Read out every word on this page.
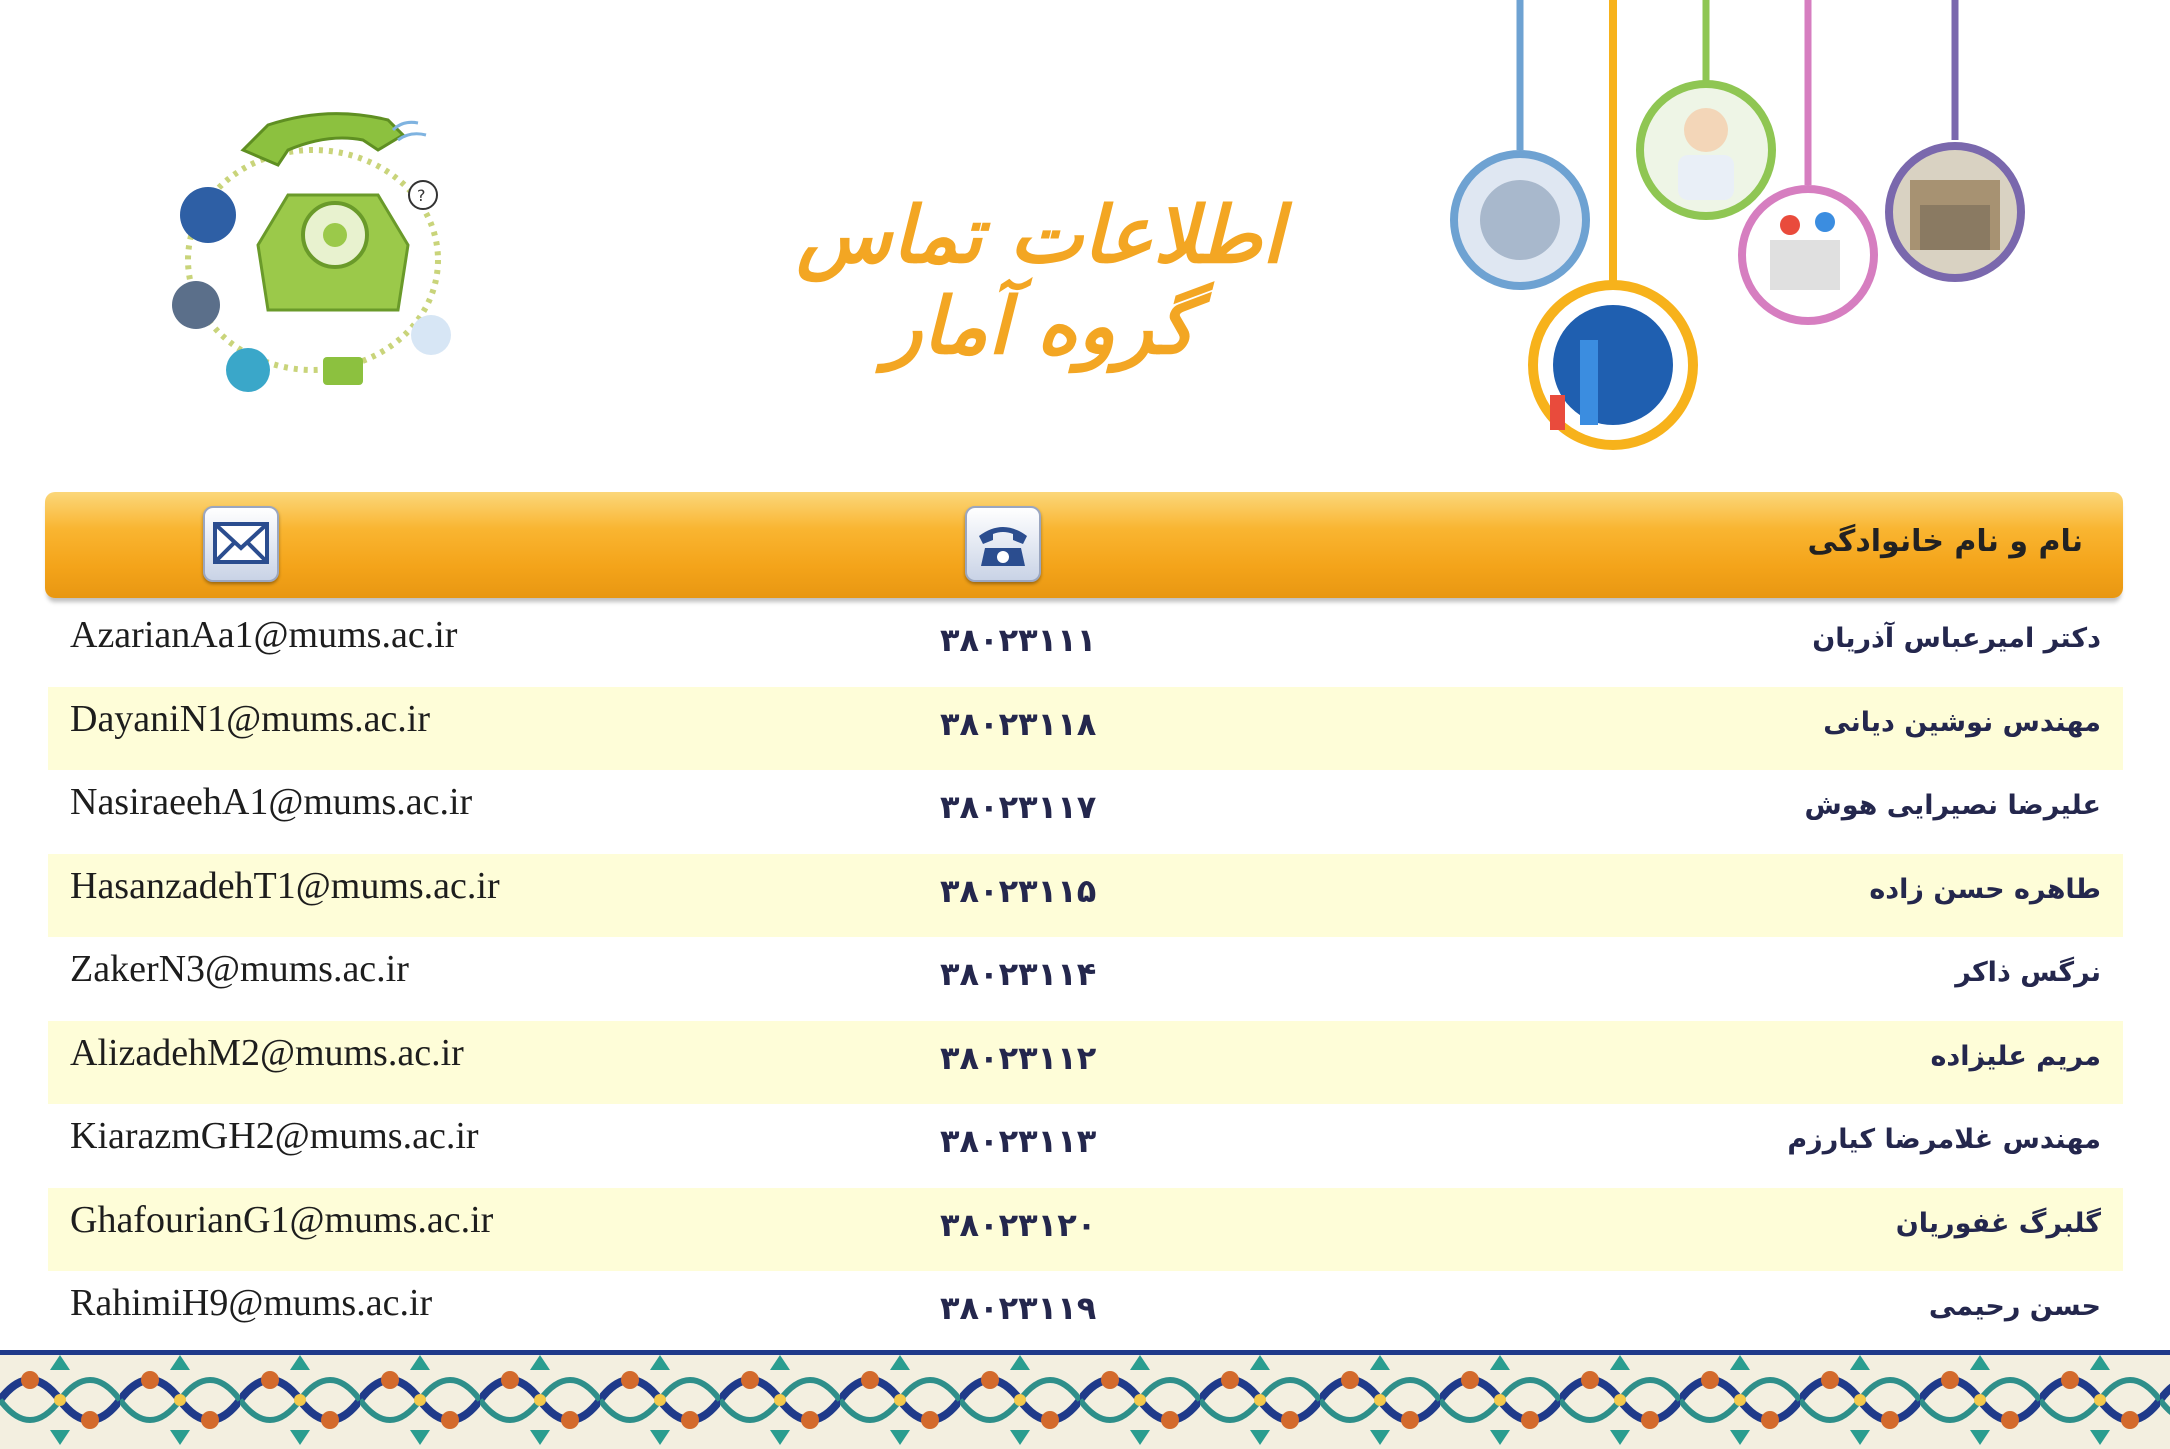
?	اطلاعات تماس گروه آمار
نام و نام خانوادگی
AzarianAa1@mums.ac.ir	۳۸۰۲۳۱۱۱	دکتر امیرعباس آذریان
DayaniN1@mums.ac.ir	۳۸۰۲۳۱۱۸	مهندس نوشین دیانی
NasiraeehA1@mums.ac.ir	۳۸۰۲۳۱۱۷	علیرضا نصیرایی هوش
HasanzadehT1@mums.ac.ir	۳۸۰۲۳۱۱۵	طاهره حسن زاده
ZakerN3@mums.ac.ir	۳۸۰۲۳۱۱۴	نرگس ذاکر
AlizadehM2@mums.ac.ir	۳۸۰۲۳۱۱۲	مریم علیزاده
KiarazmGH2@mums.ac.ir	۳۸۰۲۳۱۱۳	مهندس غلامرضا کیارزم
GhafourianG1@mums.ac.ir	۳۸۰۲۳۱۲۰	گلبرگ غفوریان
RahimiH9@mums.ac.ir	۳۸۰۲۳۱۱۹	حسن رحیمی
